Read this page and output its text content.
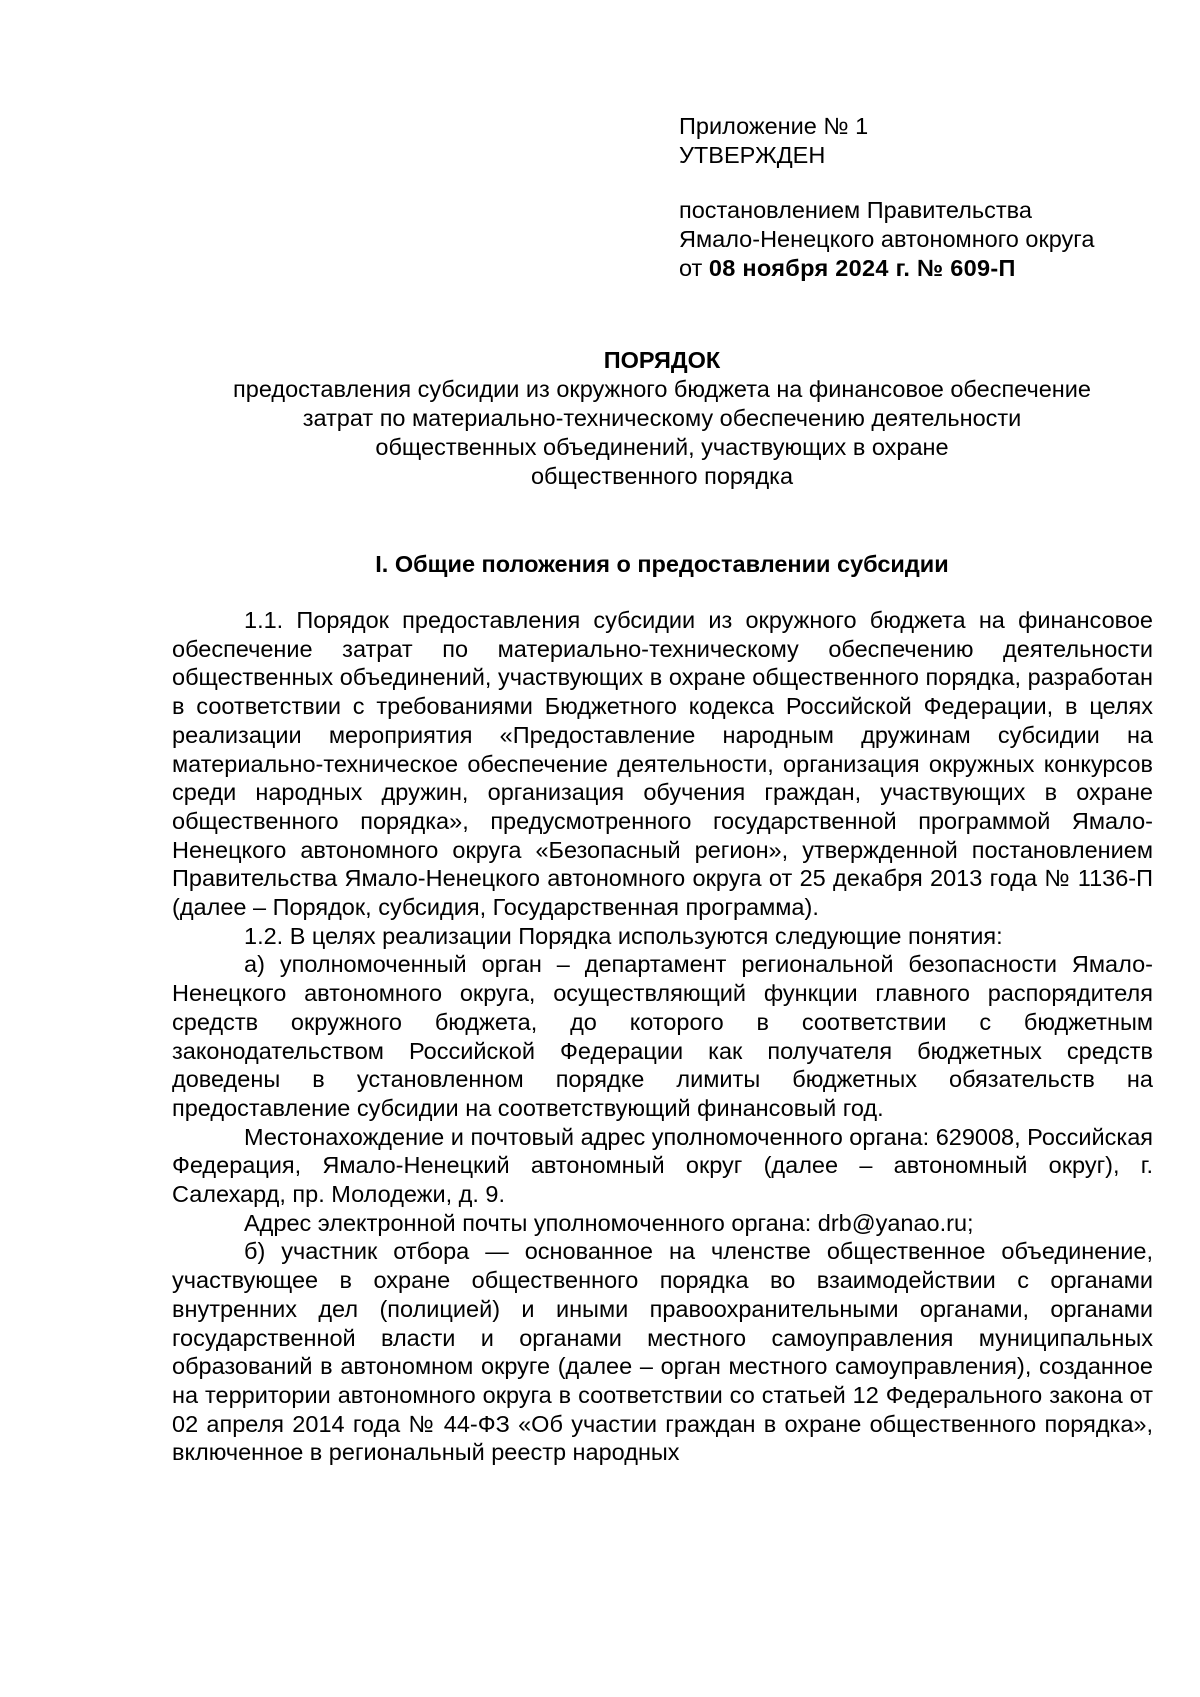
Приложение № 1
УТВЕРЖДЕН
постановлением Правительства
Ямало-Ненецкого автономного округа
от 08 ноября 2024 г. № 609-П
ПОРЯДОК
предоставления субсидии из окружного бюджета на финансовое обеспечение
затрат по материально-техническому обеспечению деятельности
общественных объединений, участвующих в охране
общественного порядка
I. Общие положения о предоставлении субсидии

1.1. Порядок предоставления субсидии из окружного бюджета на финансовое обеспечение затрат по материально-техническому обеспечению деятельности общественных объединений, участвующих в охране общественного порядка, разработан в соответствии с требованиями Бюджетного кодекса Российской Федерации, в целях реализации мероприятия «Предоставление народным дружинам субсидии на материально-техническое обеспечение деятельности, организация окружных конкурсов среди народных дружин, организация обучения граждан, участвующих в охране общественного порядка», предусмотренного государственной программой Ямало-Ненецкого автономного округа «Безопасный регион», утвержденной постановлением Правительства Ямало-Ненецкого автономного округа от 25 декабря 2013 года № 1136-П (далее – Порядок, субсидия, Государственная программа).

1.2. В целях реализации Порядка используются следующие понятия:

а) уполномоченный орган – департамент региональной безопасности Ямало-Ненецкого автономного округа, осуществляющий функции главного распорядителя средств окружного бюджета, до которого в соответствии с бюджетным законодательством Российской Федерации как получателя бюджетных средств доведены в установленном порядке лимиты бюджетных обязательств на предоставление субсидии на соответствующий финансовый год.

Местонахождение и почтовый адрес уполномоченного органа: 629008, Российская Федерация, Ямало-Ненецкий автономный округ (далее – автономный округ), г. Салехард, пр. Молодежи, д. 9.

Адрес электронной почты уполномоченного органа: drb@yanao.ru;

б) участник отбора — основанное на членстве общественное объединение, участвующее в охране общественного порядка во взаимодействии с органами внутренних дел (полицией) и иными правоохранительными органами, органами государственной власти и органами местного самоуправления муниципальных образований в автономном округе (далее – орган местного самоуправления), созданное на территории автономного округа в соответствии со статьей 12 Федерального закона от 02 апреля 2014 года № 44-ФЗ «Об участии граждан в охране общественного порядка», включенное в региональный реестр народных
